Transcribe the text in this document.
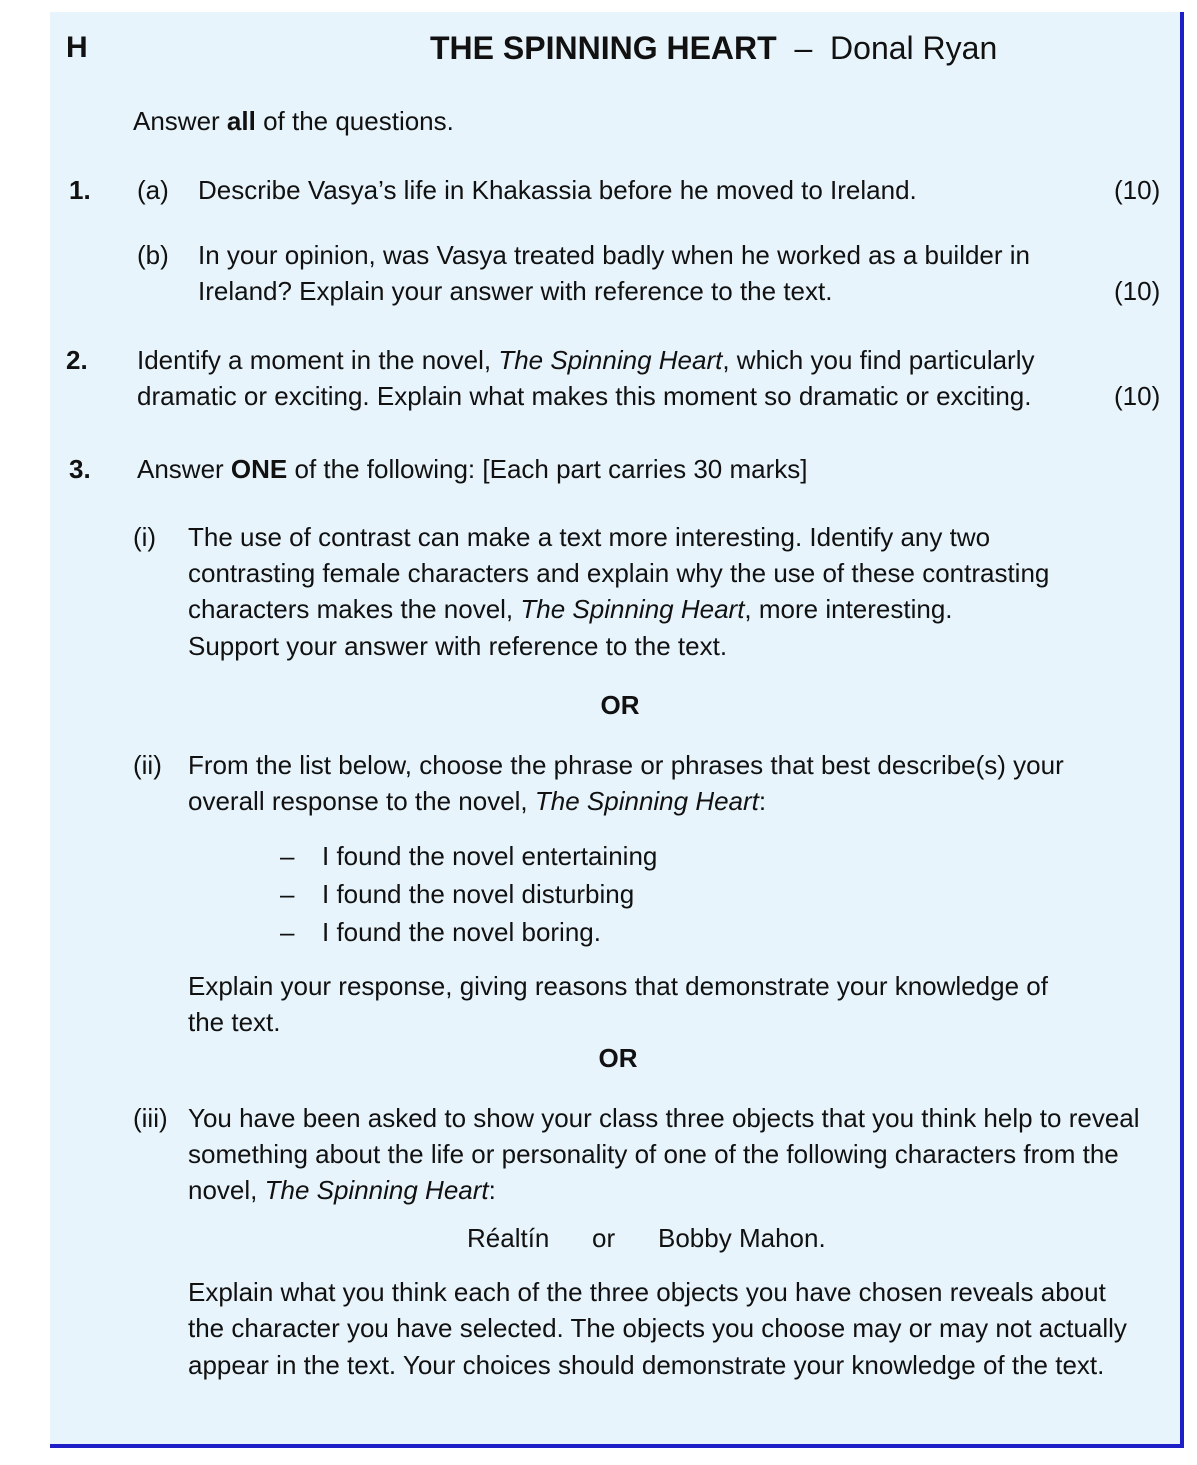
H	THE SPINNING HEART – Donal Ryan
Answer all of the questions.
1. (a) Describe Vasya’s life in Khakassia before he moved to Ireland.	(10)
(b) In your opinion, was Vasya treated badly when he worked as a builder in
Ireland? Explain your answer with reference to the text.	(10)
2. Identify a moment in the novel, The Spinning Heart, which you find particularly
dramatic or exciting. Explain what makes this moment so dramatic or exciting.	(10)
3. Answer ONE of the following: [Each part carries 30 marks]
(i) The use of contrast can make a text more interesting. Identify any two
contrasting female characters and explain why the use of these contrasting
characters makes the novel, The Spinning Heart, more interesting.
Support your answer with reference to the text.
OR
(ii) From the list below, choose the phrase or phrases that best describe(s) your
overall response to the novel, The Spinning Heart:
– I found the novel entertaining
– I found the novel disturbing
– I found the novel boring.
Explain your response, giving reasons that demonstrate your knowledge of
the text.
OR
(iii) You have been asked to show your class three objects that you think help to reveal
something about the life or personality of one of the following characters from the
novel, The Spinning Heart:
Réaltín or Bobby Mahon.
Explain what you think each of the three objects you have chosen reveals about
the character you have selected. The objects you choose may or may not actually
appear in the text. Your choices should demonstrate your knowledge of the text.
